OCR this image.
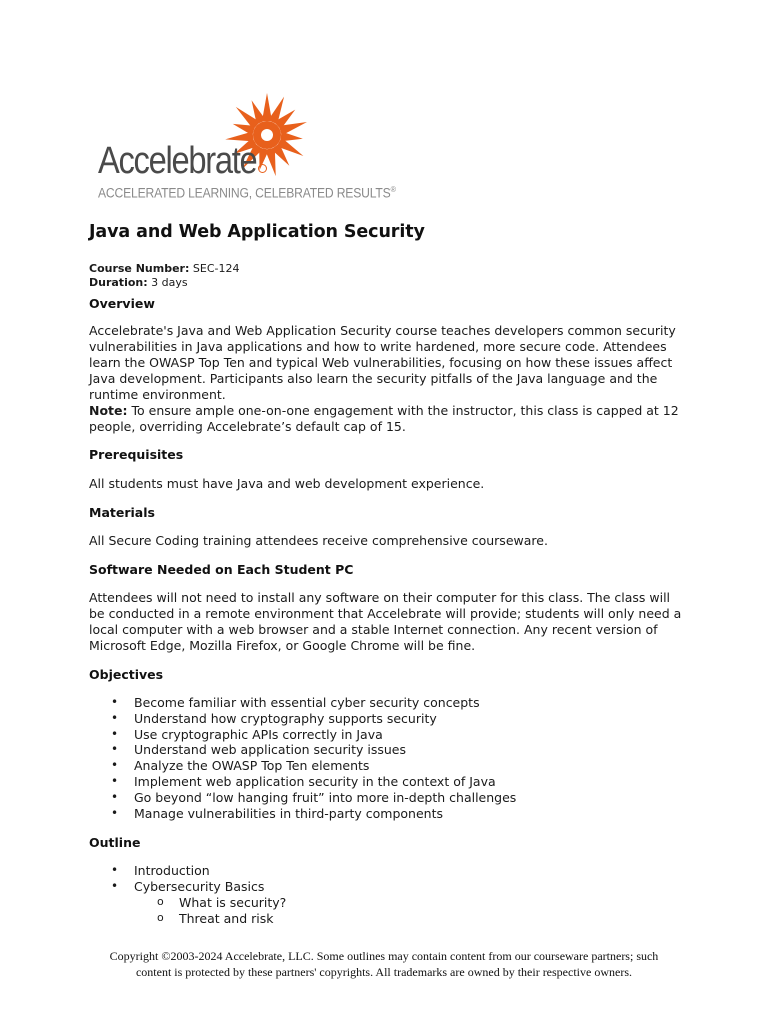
Accelebrate
ACCELERATED LEARNING, CELEBRATED RESULTS®
Java and Web Application Security
Course Number: SEC-124
Duration: 3 days
Overview

Accelebrate's Java and Web Application Security course teaches developers common security vulnerabilities in Java applications and how to write hardened, more secure code. Attendees learn the OWASP Top Ten and typical Web vulnerabilities, focusing on how these issues affect Java development. Participants also learn the security pitfalls of the Java language and the runtime environment.

Note: To ensure ample one-on-one engagement with the instructor, this class is capped at 12 people, overriding Accelebrate’s default cap of 15.

Prerequisites

All students must have Java and web development experience.

Materials

All Secure Coding training attendees receive comprehensive courseware.

Software Needed on Each Student PC

Attendees will not need to install any software on their computer for this class. The class will be conducted in a remote environment that Accelebrate will provide; students will only need a local computer with a web browser and a stable Internet connection. Any recent version of Microsoft Edge, Mozilla Firefox, or Google Chrome will be fine.

Objectives
• Become familiar with essential cyber security concepts
• Understand how cryptography supports security
• Use cryptographic APIs correctly in Java
• Understand web application security issues
• Analyze the OWASP Top Ten elements
• Implement web application security in the context of Java
• Go beyond “low hanging fruit” into more in-depth challenges
• Manage vulnerabilities in third-party components
Outline
• Introduction
• Cybersecurity Basics
o What is security?
o Threat and risk
Copyright ©2003-2024 Accelebrate, LLC. Some outlines may contain content from our courseware partners; such
content is protected by these partners' copyrights. All trademarks are owned by their respective owners.
